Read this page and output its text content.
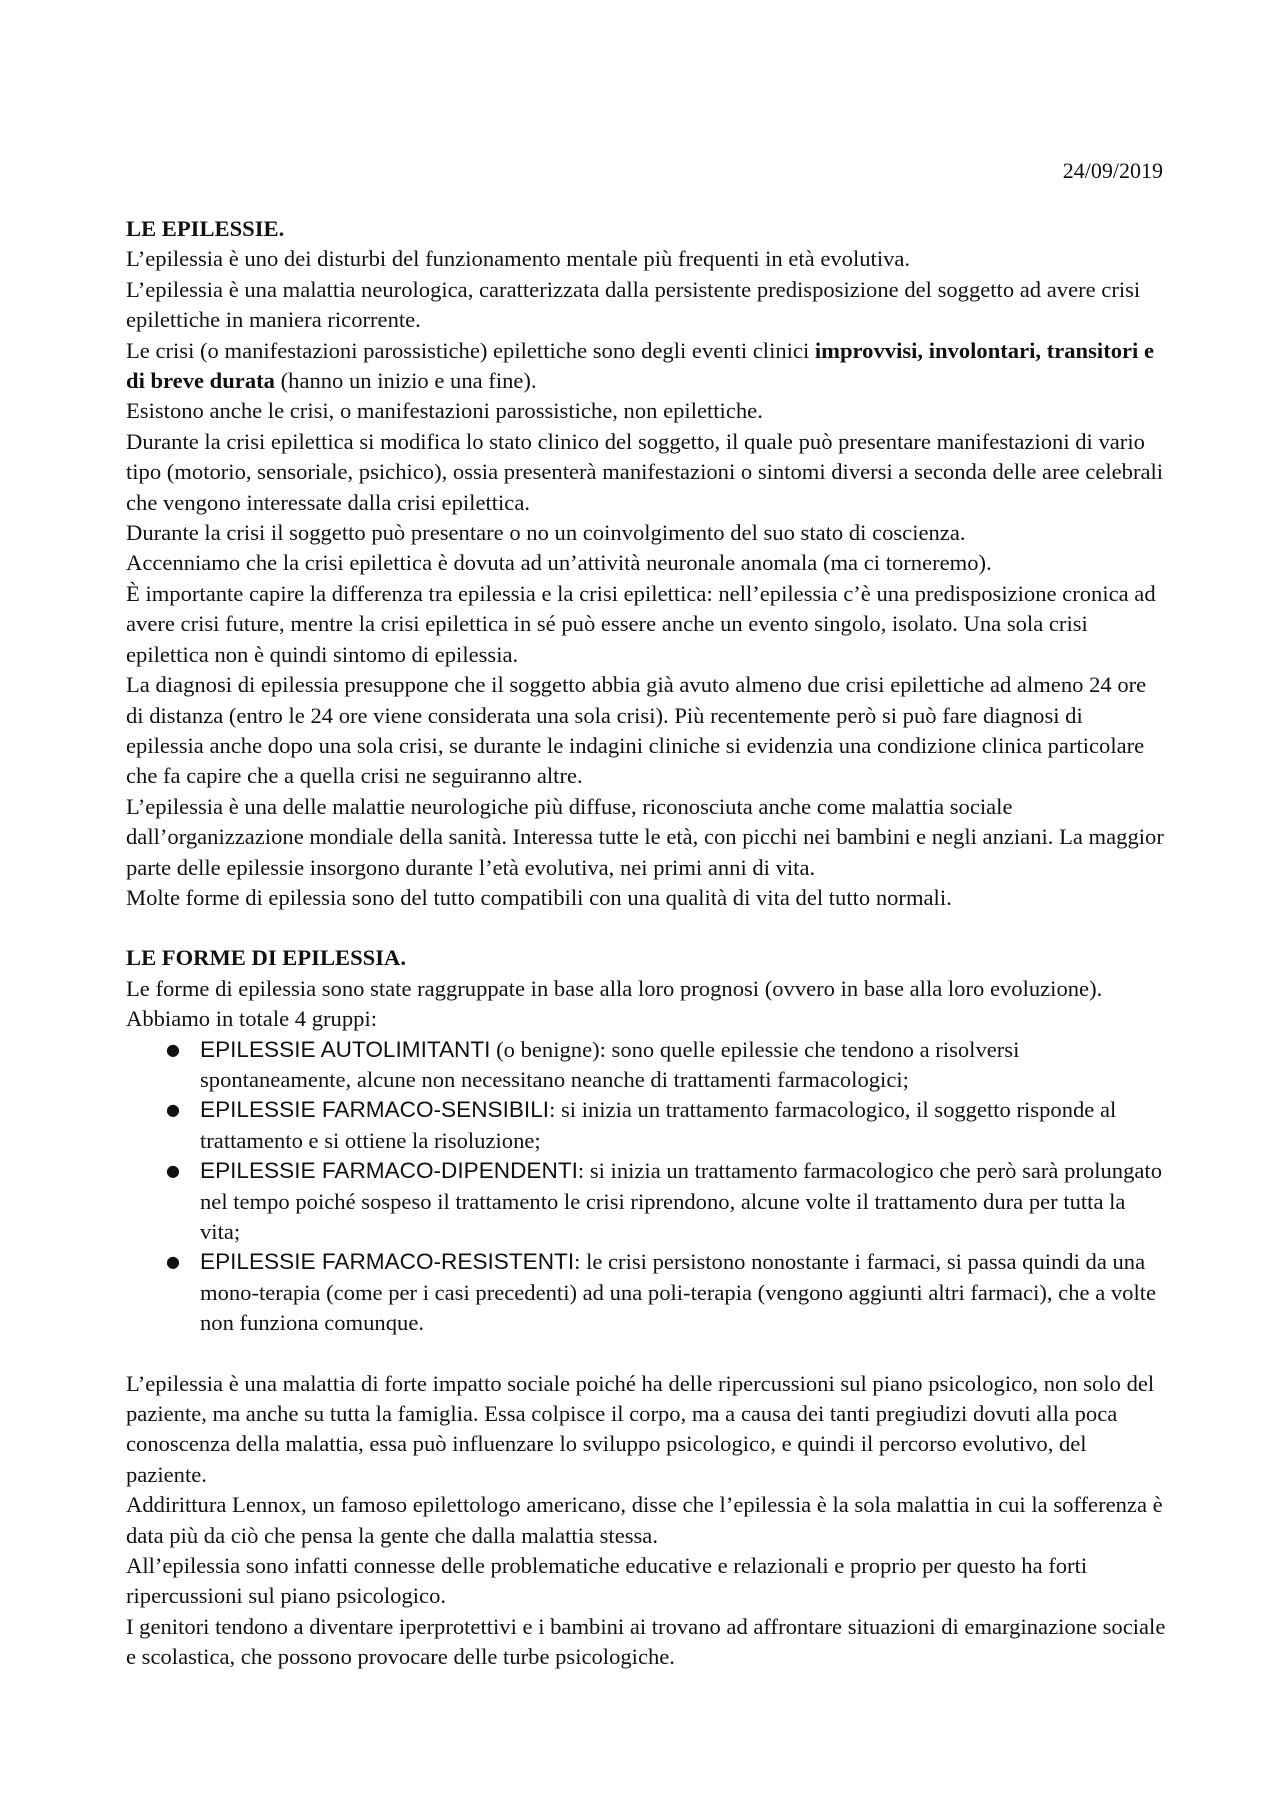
24/09/2019

LE EPILESSIE.

L’epilessia è uno dei disturbi del funzionamento mentale più frequenti in età evolutiva.

L’epilessia è una malattia neurologica, caratterizzata dalla persistente predisposizione del soggetto ad avere crisi epilettiche in maniera ricorrente.

Le crisi (o manifestazioni parossistiche) epilettiche sono degli eventi clinici improvvisi, involontari, transitori e di breve durata (hanno un inizio e una fine).

Esistono anche le crisi, o manifestazioni parossistiche, non epilettiche.

Durante la crisi epilettica si modifica lo stato clinico del soggetto, il quale può presentare manifestazioni di vario tipo (motorio, sensoriale, psichico), ossia presenterà manifestazioni o sintomi diversi a seconda delle aree celebrali che vengono interessate dalla crisi epilettica.

Durante la crisi il soggetto può presentare o no un coinvolgimento del suo stato di coscienza.

Accenniamo che la crisi epilettica è dovuta ad un’attività neuronale anomala (ma ci torneremo).

È importante capire la differenza tra epilessia e la crisi epilettica: nell’epilessia c’è una predisposizione cronica ad avere crisi future, mentre la crisi epilettica in sé può essere anche un evento singolo, isolato. Una sola crisi epilettica non è quindi sintomo di epilessia.

La diagnosi di epilessia presuppone che il soggetto abbia già avuto almeno due crisi epilettiche ad almeno 24 ore di distanza (entro le 24 ore viene considerata una sola crisi). Più recentemente però si può fare diagnosi di epilessia anche dopo una sola crisi, se durante le indagini cliniche si evidenzia una condizione clinica particolare che fa capire che a quella crisi ne seguiranno altre.

L’epilessia è una delle malattie neurologiche più diffuse, riconosciuta anche come malattia sociale dall’organizzazione mondiale della sanità. Interessa tutte le età, con picchi nei bambini e negli anziani. La maggior parte delle epilessie insorgono durante l’età evolutiva, nei primi anni di vita.

Molte forme di epilessia sono del tutto compatibili con una qualità di vita del tutto normali.

LE FORME DI EPILESSIA.

Le forme di epilessia sono state raggruppate in base alla loro prognosi (ovvero in base alla loro evoluzione).

Abbiamo in totale 4 gruppi:

● EPILESSIE AUTOLIMITANTI (o benigne): sono quelle epilessie che tendono a risolversi spontaneamente, alcune non necessitano neanche di trattamenti farmacologici;
● EPILESSIE FARMACO-SENSIBILI: si inizia un trattamento farmacologico, il soggetto risponde al trattamento e si ottiene la risoluzione;
● EPILESSIE FARMACO-DIPENDENTI: si inizia un trattamento farmacologico che però sarà prolungato nel tempo poiché sospeso il trattamento le crisi riprendono, alcune volte il trattamento dura per tutta la vita;
● EPILESSIE FARMACO-RESISTENTI: le crisi persistono nonostante i farmaci, si passa quindi da una mono-terapia (come per i casi precedenti) ad una poli-terapia (vengono aggiunti altri farmaci), che a volte non funziona comunque.

L’epilessia è una malattia di forte impatto sociale poiché ha delle ripercussioni sul piano psicologico, non solo del paziente, ma anche su tutta la famiglia. Essa colpisce il corpo, ma a causa dei tanti pregiudizi dovuti alla poca conoscenza della malattia, essa può influenzare lo sviluppo psicologico, e quindi il percorso evolutivo, del paziente.

Addirittura Lennox, un famoso epilettologo americano, disse che l’epilessia è la sola malattia in cui la sofferenza è data più da ciò che pensa la gente che dalla malattia stessa.

All’epilessia sono infatti connesse delle problematiche educative e relazionali e proprio per questo ha forti ripercussioni sul piano psicologico.

I genitori tendono a diventare iperprotettivi e i bambini ai trovano ad affrontare situazioni di emarginazione sociale e scolastica, che possono provocare delle turbe psicologiche.
